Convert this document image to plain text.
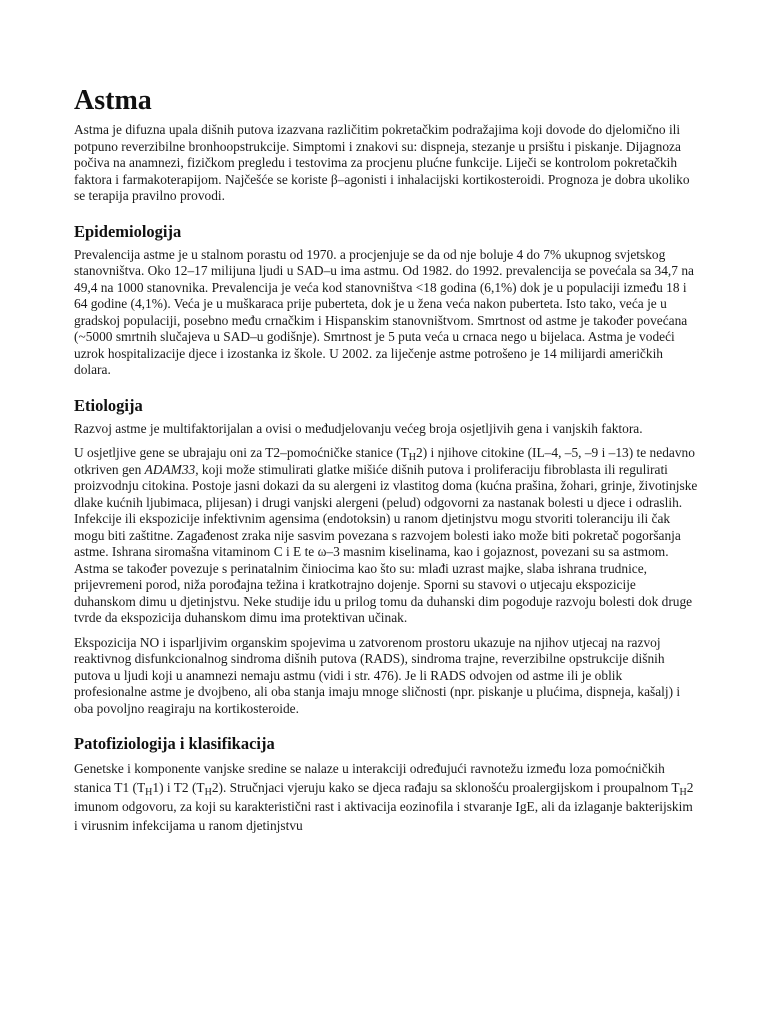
Astma

Astma je difuzna upala dišnih putova izazvana različitim pokretačkim podražajima koji dovode do djelomično ili potpuno reverzibilne bronhoopstrukcije. Simptomi i znakovi su: dispneja, stezanje u prsištu i piskanje. Dijagnoza počiva na anamnezi, fizičkom pregledu i testovima za procjenu plućne funkcije. Liječi se kontrolom pokretačkih faktora i farmakoterapijom. Najčešće se koriste β–agonisti i inhalacijski kortikosteroidi. Prognoza je dobra ukoliko se terapija pravilno provodi.

Epidemiologija

Prevalencija astme je u stalnom porastu od 1970. a procjenjuje se da od nje boluje 4 do 7% ukupnog svjetskog stanovništva. Oko 12–17 milijuna ljudi u SAD–u ima astmu. Od 1982. do 1992. prevalencija se povećala sa 34,7 na 49,4 na 1000 stanovnika. Prevalencija je veća kod stanovništva <18 godina (6,1%) dok je u populaciji između 18 i 64 godine (4,1%). Veća je u muškaraca prije puberteta, dok je u žena veća nakon puberteta. Isto tako, veća je u gradskoj populaciji, posebno među crnačkim i Hispanskim stanovništvom. Smrtnost od astme je također povećana (~5000 smrtnih slučajeva u SAD–u godišnje). Smrtnost je 5 puta veća u crnaca nego u bijelaca. Astma je vodeći uzrok hospitalizacije djece i izostanka iz škole. U 2002. za liječenje astme potrošeno je 14 milijardi američkih dolara.

Etiologija

Razvoj astme je multifaktorijalan a ovisi o međudjelovanju većeg broja osjetljivih gena i vanjskih faktora.

U osjetljive gene se ubrajaju oni za T2–pomoćničke stanice $(T_H2)$ i njihove citokine (IL–4, –5, –9 i –13) te nedavno otkriven gen ADAM33, koji može stimulirati glatke mišiće dišnih putova i proliferaciju fibroblasta ili regulirati proizvodnju citokina. Postoje jasni dokazi da su alergeni iz vlastitog doma (kućna prašina, žohari, grinje, životinjske dlake kućnih ljubimaca, plijesan) i drugi vanjski alergeni (pelud) odgovorni za nastanak bolesti u djece i odraslih. Infekcije ili ekspozicije infektivnim agensima (endotoksin) u ranom djetinjstvu mogu stvoriti toleranciju ili čak mogu biti zaštitne. Zagađenost zraka nije sasvim povezana s razvojem bolesti iako može biti pokretač pogoršanja astme. Ishrana siromašna vitaminom C i E te ω–3 masnim kiselinama, kao i gojaznost, povezani su sa astmom. Astma se također povezuje s perinatalnim činiocima kao što su: mlađi uzrast majke, slaba ishrana trudnice, prijevremeni porod, niža porođajna težina i kratkotrajno dojenje. Sporni su stavovi o utjecaju ekspozicije duhanskom dimu u djetinjstvu. Neke studije idu u prilog tomu da duhanski dim pogoduje razvoju bolesti dok druge tvrde da ekspozicija duhanskom dimu ima protektivan učinak.

Ekspozicija NO i isparljivim organskim spojevima u zatvorenom prostoru ukazuje na njihov utjecaj na razvoj reaktivnog disfunkcionalnog sindroma dišnih putova (RADS), sindroma trajne, reverzibilne opstrukcije dišnih putova u ljudi koji u anamnezi nemaju astmu (vidi i str. 476). Je li RADS odvojen od astme ili je oblik profesionalne astme je dvojbeno, ali oba stanja imaju mnoge sličnosti (npr. piskanje u plućima, dispneja, kašalj) i oba povoljno reagiraju na kortikosteroide.

Patofiziologija i klasifikacija

Genetske i komponente vanjske sredine se nalaze u interakciji određujući ravnotežu između loza pomoćničkih stanica T1 $(T_H1)$ i T2 $(T_H2)$. Stručnjaci vjeruju kako se djeca rađaju sa sklonošću proalergijskom i proupalnom $T_H2$ imunom odgovoru, za koji su karakteristični rast i aktivacija eozinofila i stvaranje IgE, ali da izlaganje bakterijskim i virusnim infekcijama u ranom djetinjstvu
